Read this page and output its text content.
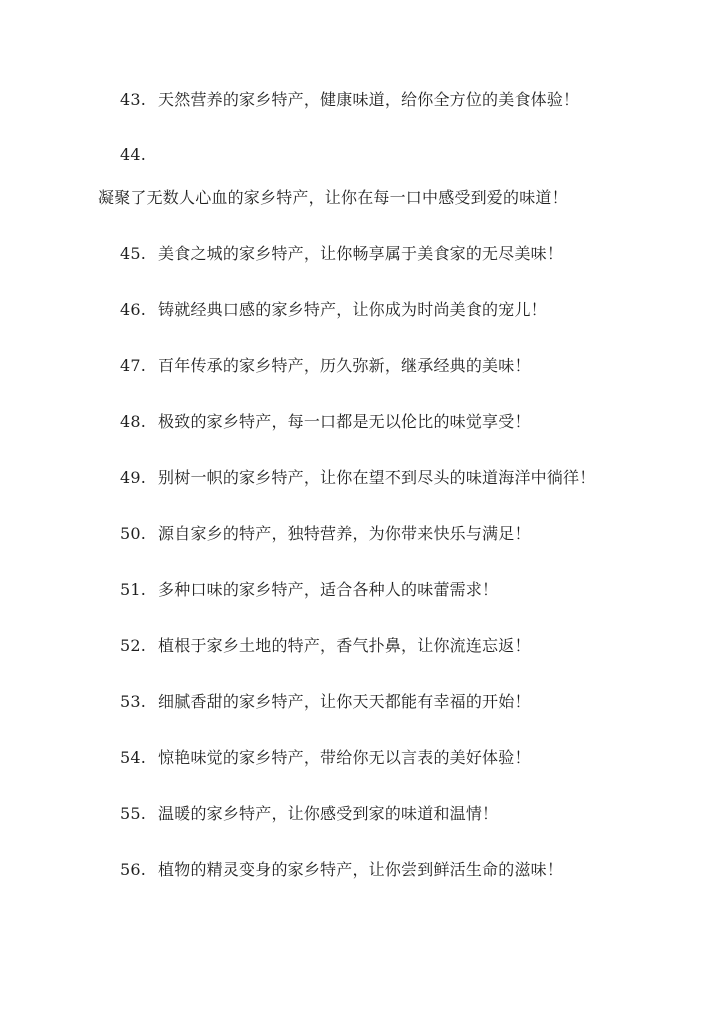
43. 天然营养的家乡特产，健康味道，给你全方位的美食体验！
44.
凝聚了无数人心血的家乡特产，让你在每一口中感受到爱的味道！
45. 美食之城的家乡特产，让你畅享属于美食家的无尽美味！
46. 铸就经典口感的家乡特产，让你成为时尚美食的宠儿！
47. 百年传承的家乡特产，历久弥新，继承经典的美味！
48. 极致的家乡特产，每一口都是无以伦比的味觉享受！
49. 别树一帜的家乡特产，让你在望不到尽头的味道海洋中徜徉！
50. 源自家乡的特产，独特营养，为你带来快乐与满足！
51. 多种口味的家乡特产，适合各种人的味蕾需求！
52. 植根于家乡土地的特产，香气扑鼻，让你流连忘返！
53. 细腻香甜的家乡特产，让你天天都能有幸福的开始！
54. 惊艳味觉的家乡特产，带给你无以言表的美好体验！
55. 温暖的家乡特产，让你感受到家的味道和温情！
56. 植物的精灵变身的家乡特产，让你尝到鲜活生命的滋味！
